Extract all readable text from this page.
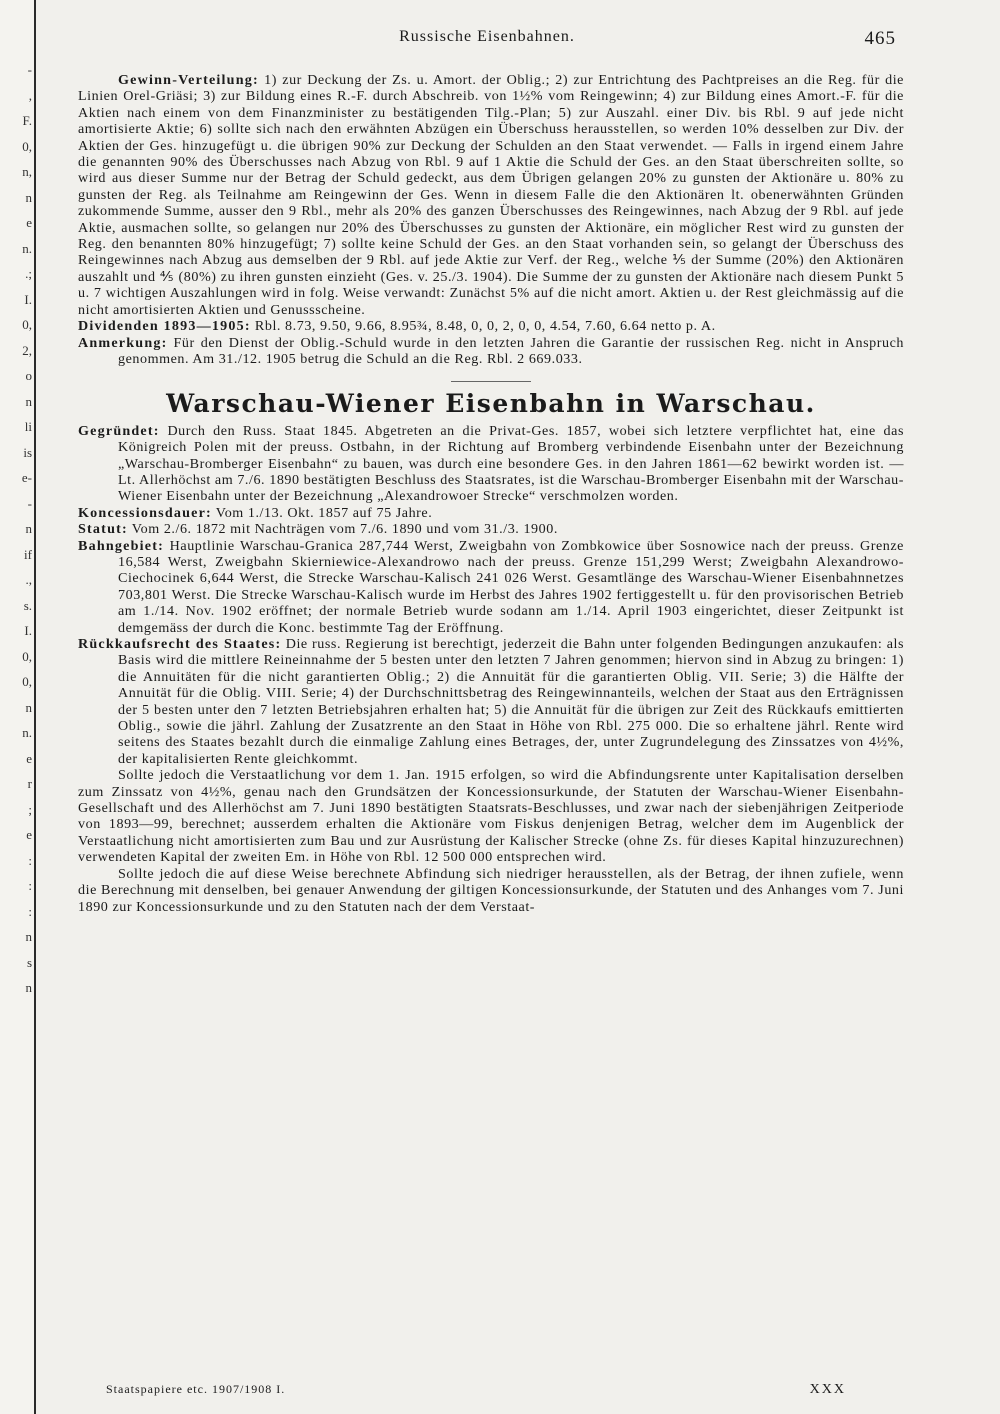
-
,
F.
0,
n,
n
e
n.
.;
I.
0,
2,
o
n
li
is
e-
-
n
if
.,
s.
I.
0,
0,
n
n.
e
r
;
e
:
:
:
n
s
n
Russische Eisenbahnen.	465

Gewinn-Verteilung: 1) zur Deckung der Zs. u. Amort. der Oblig.; 2) zur Entrichtung des Pachtpreises an die Reg. für die Linien Orel-Griäsi; 3) zur Bildung eines R.-F. durch Abschreib. von 1½% vom Reingewinn; 4) zur Bildung eines Amort.-F. für die Aktien nach einem von dem Finanzminister zu bestätigenden Tilg.-Plan; 5) zur Auszahl. einer Div. bis Rbl. 9 auf jede nicht amortisierte Aktie; 6) sollte sich nach den erwähnten Abzügen ein Überschuss herausstellen, so werden 10% desselben zur Div. der Aktien der Ges. hinzugefügt u. die übrigen 90% zur Deckung der Schulden an den Staat verwendet. — Falls in irgend einem Jahre die genannten 90% des Überschusses nach Abzug von Rbl. 9 auf 1 Aktie die Schuld der Ges. an den Staat überschreiten sollte, so wird aus dieser Summe nur der Betrag der Schuld gedeckt, aus dem Übrigen gelangen 20% zu gunsten der Aktionäre u. 80% zu gunsten der Reg. als Teilnahme am Reingewinn der Ges. Wenn in diesem Falle die den Aktionären lt. obenerwähnten Gründen zukommende Summe, ausser den 9 Rbl., mehr als 20% des ganzen Überschusses des Reingewinnes, nach Abzug der 9 Rbl. auf jede Aktie, ausmachen sollte, so gelangen nur 20% des Überschusses zu gunsten der Aktionäre, ein möglicher Rest wird zu gunsten der Reg. den benannten 80% hinzugefügt; 7) sollte keine Schuld der Ges. an den Staat vorhanden sein, so gelangt der Überschuss des Reingewinnes nach Abzug aus demselben der 9 Rbl. auf jede Aktie zur Verf. der Reg., welche ⅕ der Summe (20%) den Aktionären auszahlt und ⅘ (80%) zu ihren gunsten einzieht (Ges. v. 25./3. 1904). Die Summe der zu gunsten der Aktionäre nach diesem Punkt 5 u. 7 wichtigen Auszahlungen wird in folg. Weise verwandt: Zunächst 5% auf die nicht amort. Aktien u. der Rest gleichmässig auf die nicht amortisierten Aktien und Genussscheine.

Dividenden 1893—1905: Rbl. 8.73, 9.50, 9.66, 8.95¾, 8.48, 0, 0, 2, 0, 0, 4.54, 7.60, 6.64 netto p. A.

Anmerkung: Für den Dienst der Oblig.-Schuld wurde in den letzten Jahren die Garantie der russischen Reg. nicht in Anspruch genommen. Am 31./12. 1905 betrug die Schuld an die Reg. Rbl. 2 669.033.

Warschau-Wiener Eisenbahn in Warschau.

Gegründet: Durch den Russ. Staat 1845. Abgetreten an die Privat-Ges. 1857, wobei sich letztere verpflichtet hat, eine das Königreich Polen mit der preuss. Ostbahn, in der Richtung auf Bromberg verbindende Eisenbahn unter der Bezeichnung „Warschau-Bromberger Eisenbahn“ zu bauen, was durch eine besondere Ges. in den Jahren 1861—62 bewirkt worden ist. — Lt. Allerhöchst am 7./6. 1890 bestätigten Beschluss des Staatsrates, ist die Warschau-Bromberger Eisenbahn mit der Warschau-Wiener Eisenbahn unter der Bezeichnung „Alexandrowoer Strecke“ verschmolzen worden.

Koncessionsdauer: Vom 1./13. Okt. 1857 auf 75 Jahre.

Statut: Vom 2./6. 1872 mit Nachträgen vom 7./6. 1890 und vom 31./3. 1900.

Bahngebiet: Hauptlinie Warschau-Granica 287,744 Werst, Zweigbahn von Zombkowice über Sosnowice nach der preuss. Grenze 16,584 Werst, Zweigbahn Skierniewice-Alexandrowo nach der preuss. Grenze 151,299 Werst; Zweigbahn Alexandrowo-Ciechocinek 6,644 Werst, die Strecke Warschau-Kalisch 241 026 Werst. Gesamtlänge des Warschau-Wiener Eisenbahnnetzes 703,801 Werst. Die Strecke Warschau-Kalisch wurde im Herbst des Jahres 1902 fertiggestellt u. für den provisorischen Betrieb am 1./14. Nov. 1902 eröffnet; der normale Betrieb wurde sodann am 1./14. April 1903 eingerichtet, dieser Zeitpunkt ist demgemäss der durch die Konc. bestimmte Tag der Eröffnung.

Rückkaufsrecht des Staates: Die russ. Regierung ist berechtigt, jederzeit die Bahn unter folgenden Bedingungen anzukaufen: als Basis wird die mittlere Reineinnahme der 5 besten unter den letzten 7 Jahren genommen; hiervon sind in Abzug zu bringen: 1) die Annuitäten für die nicht garantierten Oblig.; 2) die Annuität für die garantierten Oblig. VII. Serie; 3) die Hälfte der Annuität für die Oblig. VIII. Serie; 4) der Durchschnittsbetrag des Reingewinnanteils, welchen der Staat aus den Erträgnissen der 5 besten unter den 7 letzten Betriebsjahren erhalten hat; 5) die Annuität für die übrigen zur Zeit des Rückkaufs emittierten Oblig., sowie die jährl. Zahlung der Zusatzrente an den Staat in Höhe von Rbl. 275 000. Die so erhaltene jährl. Rente wird seitens des Staates bezahlt durch die einmalige Zahlung eines Betrages, der, unter Zugrundelegung des Zinssatzes von 4½%, der kapitalisierten Rente gleichkommt.

Sollte jedoch die Verstaatlichung vor dem 1. Jan. 1915 erfolgen, so wird die Abfindungsrente unter Kapitalisation derselben zum Zinssatz von 4½%, genau nach den Grundsätzen der Koncessionsurkunde, der Statuten der Warschau-Wiener Eisenbahn-Gesellschaft und des Allerhöchst am 7. Juni 1890 bestätigten Staatsrats-Beschlusses, und zwar nach der siebenjährigen Zeitperiode von 1893—99, berechnet; ausserdem erhalten die Aktionäre vom Fiskus denjenigen Betrag, welcher dem im Augenblick der Verstaatlichung nicht amortisierten zum Bau und zur Ausrüstung der Kalischer Strecke (ohne Zs. für dieses Kapital hinzuzurechnen) verwendeten Kapital der zweiten Em. in Höhe von Rbl. 12 500 000 entsprechen wird.

Sollte jedoch die auf diese Weise berechnete Abfindung sich niedriger herausstellen, als der Betrag, der ihnen zufiele, wenn die Berechnung mit denselben, bei genauer Anwendung der giltigen Koncessionsurkunde, der Statuten und des Anhanges vom 7. Juni 1890 zur Koncessionsurkunde und zu den Statuten nach der dem Verstaat-

Staatspapiere etc. 1907/1908 I.	XXX
